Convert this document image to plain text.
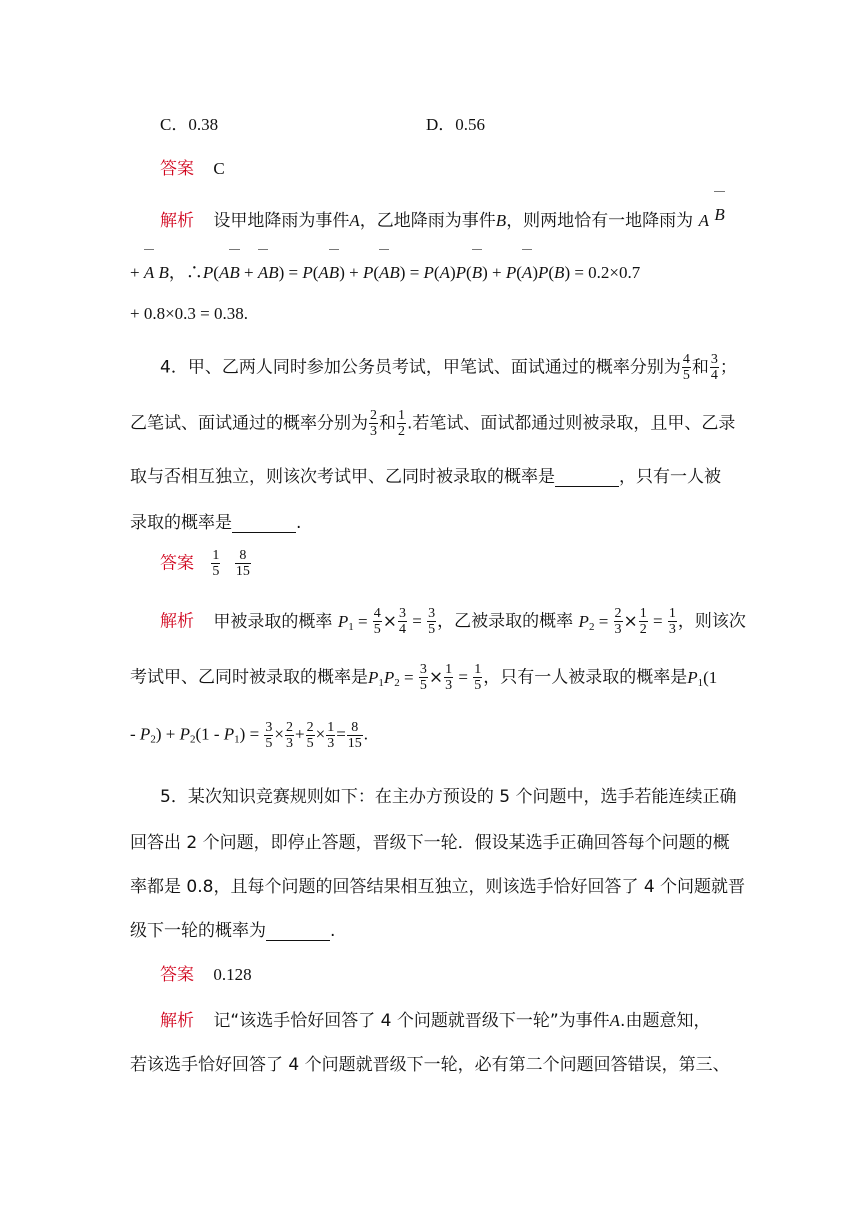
C．0.38	D．0.56
答案 C
解析 设甲地降雨为事件A，乙地降雨为事件B，则两地恰有一地降雨为 A B
+ A B，∴P(AB
+ A
B) = P(AB
) + P(A
B) = P(A)P(B
) + P(A
)P(B) = 0.2×0.7
+ 0.8×0.3 = 0.38.
4．甲、乙两人同时参加公务员考试，甲笔试、面试通过的概率分别为 $\frac{4}{5}$ 和 $\frac{3}{4}$ ；
乙笔试、面试通过的概率分别为 $\frac{2}{3}$ 和 $\frac{1}{2}$ .若笔试、面试都通过则被录取，且甲、乙录
取与否相互独立，则该次考试甲、乙同时被录取的概率是	，只有一人被
录取的概率是	.
答案 $\frac{1}{5}$
$\frac{8}{15}$
解析 甲被录取的概率 $P_1 = \frac{4}{5} \times \frac{3}{4} = \frac{3}{5}$ ，乙被录取的概率 $P_2 = \frac{2}{3} \times \frac{1}{2} = \frac{1}{3}$ ，则该次
考试甲、乙同时被录取的概率是$P_1P_2 = \frac{3}{5} \times \frac{1}{3} = \frac{1}{5}$ ，只有一人被录取的概率是$P_1(1$
- $P_2) + P_2(1 - P_1) = \frac{3}{5} \times \frac{2}{3} + \frac{2}{5} \times \frac{1}{3} = \frac{8}{15}$ .
5．某次知识竞赛规则如下：在主办方预设的 5 个问题中，选手若能连续正确
回答出 2 个问题，即停止答题，晋级下一轮．假设某选手正确回答每个问题的概
率都是 0.8，且每个问题的回答结果相互独立，则该选手恰好回答了 4 个问题就晋
级下一轮的概率为	.
答案 0.128
解析 记“该选手恰好回答了 4 个问题就晋级下一轮”为事件A.由题意知，
若该选手恰好回答了 4 个问题就晋级下一轮，必有第二个问题回答错误，第三、
